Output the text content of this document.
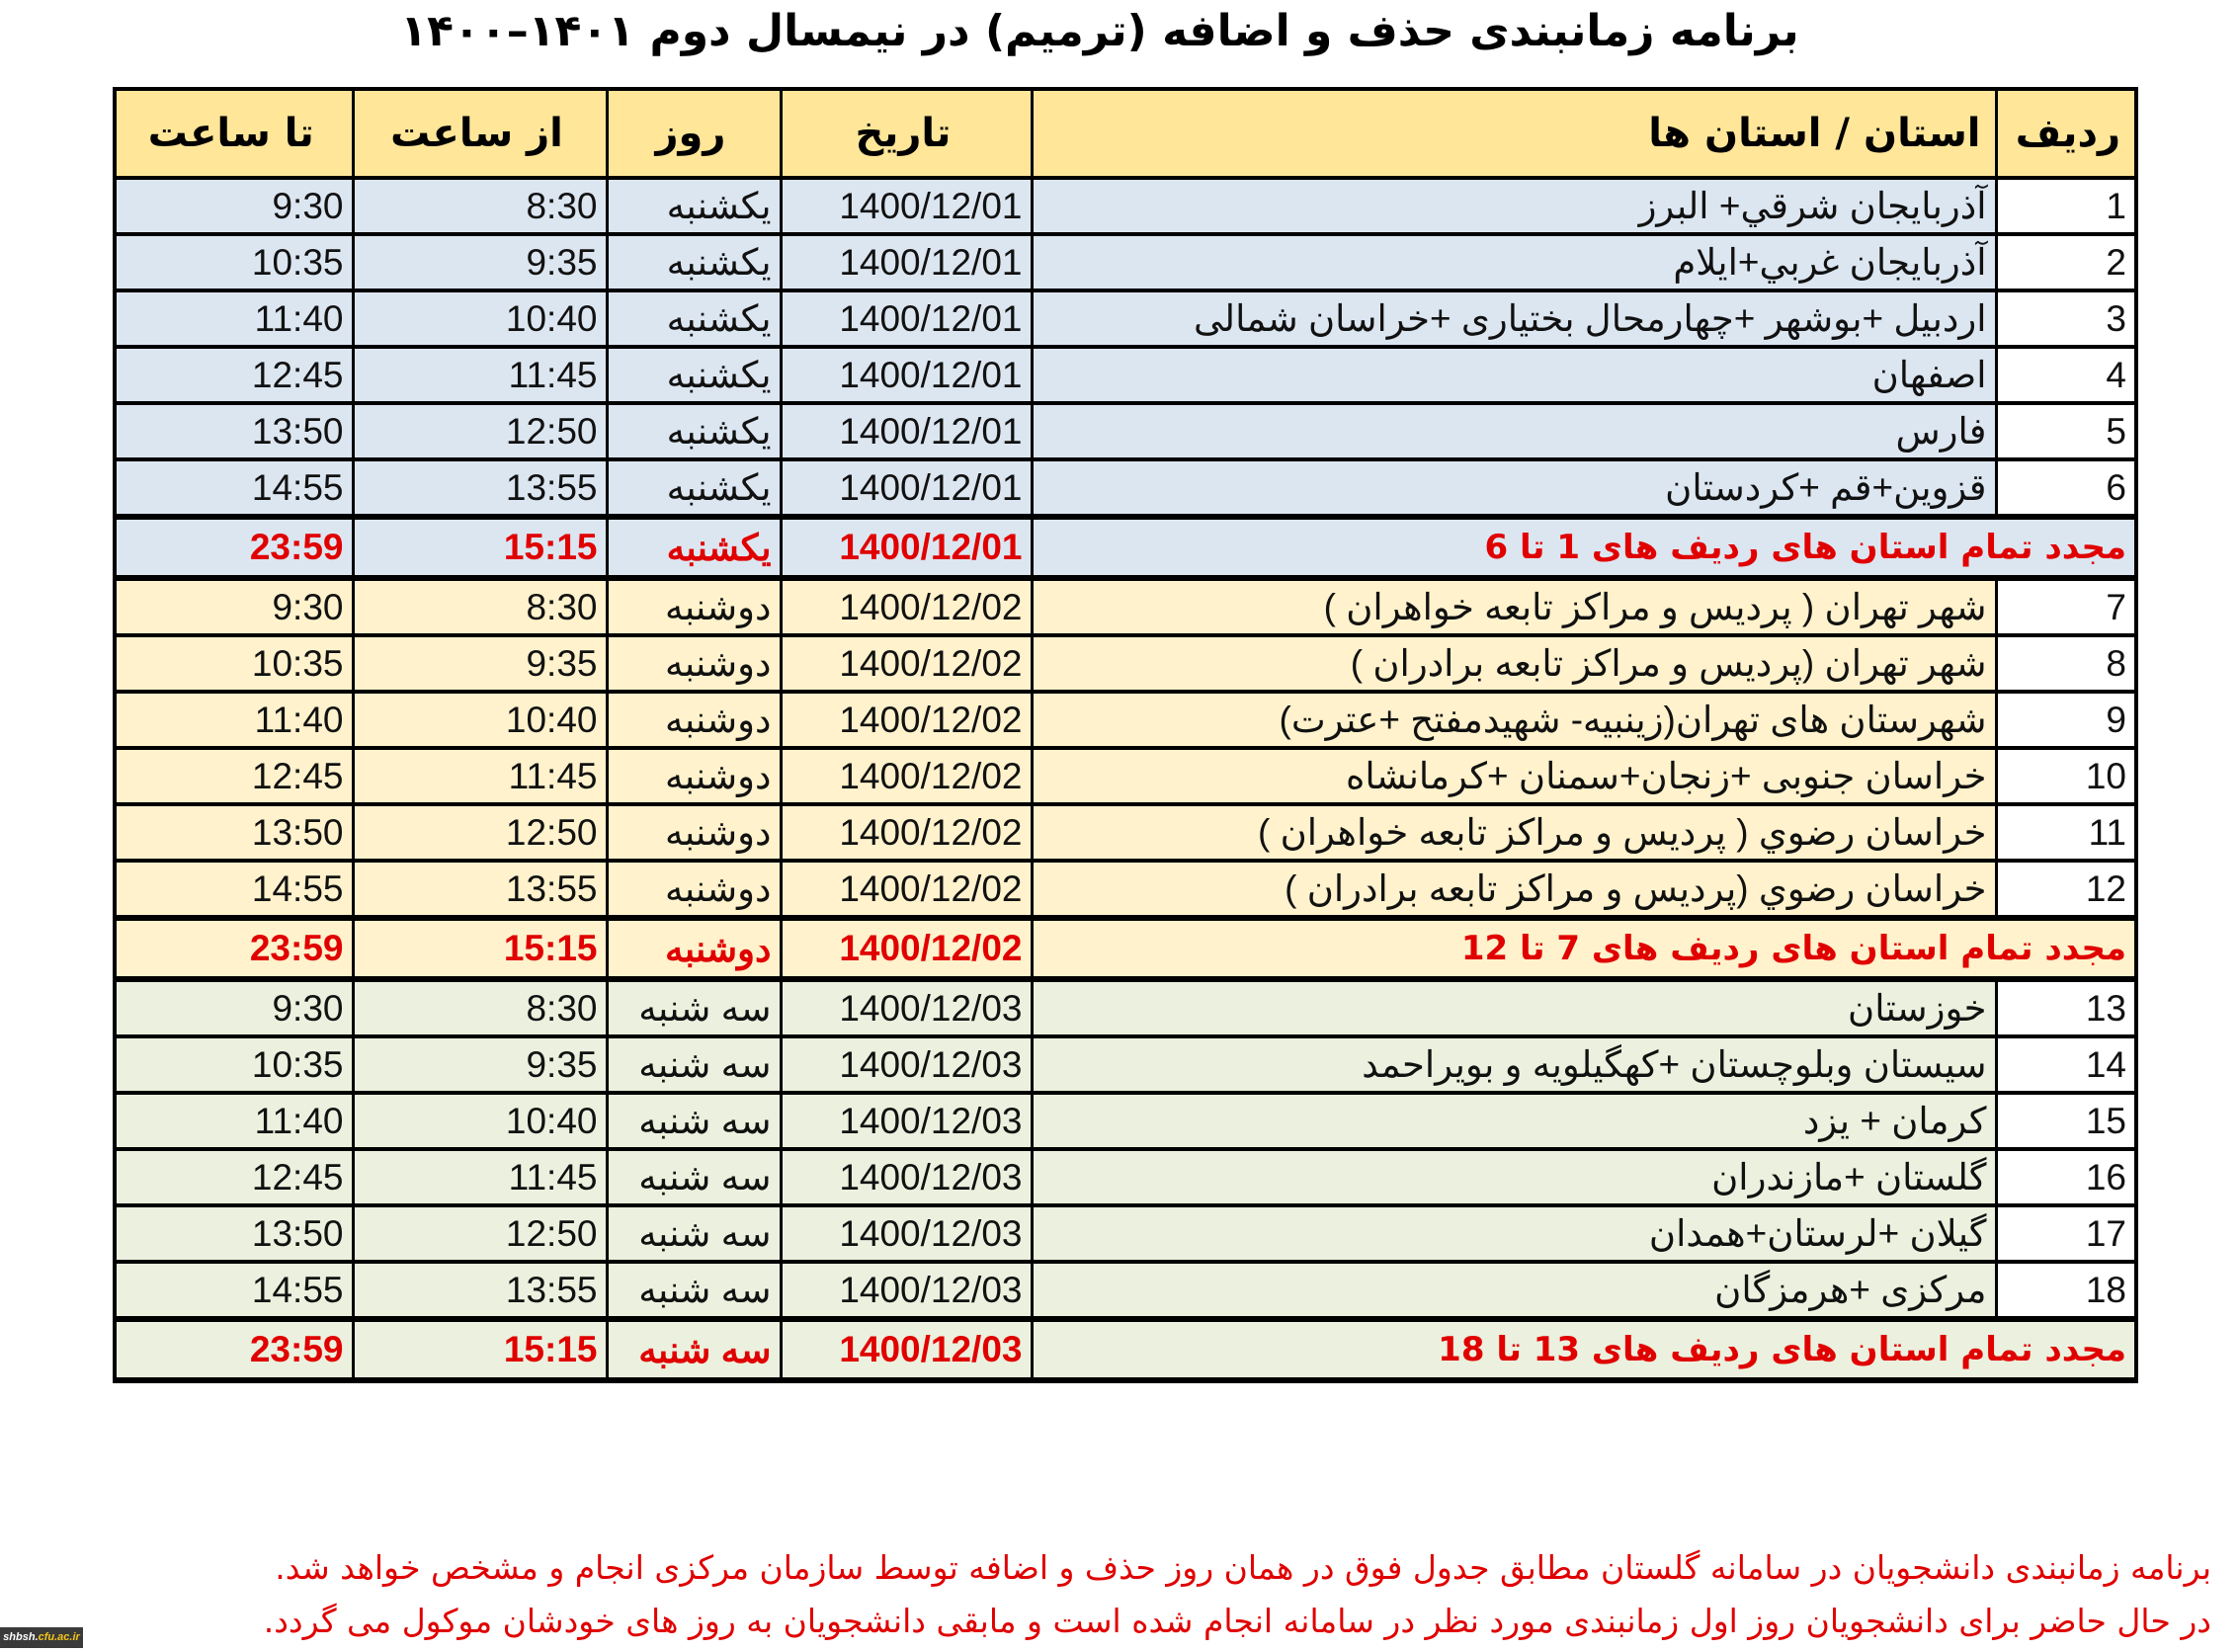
برنامه زمانبندی حذف و اضافه (ترمیم) در نیمسال دوم ۱۴۰۱–۱۴۰۰
ردیف	استان / استان ها	تاریخ	روز	از ساعت	تا ساعت
1	آذربايجان شرقي+ البرز	1400/12/01	یکشنبه	8:30	9:30
2	آذربايجان غربي+ایلام	1400/12/01	یکشنبه	9:35	10:35
3	اردبیل +بوشهر +چهارمحال بختیاری +خراسان شمالی	1400/12/01	یکشنبه	10:40	11:40
4	اصفهان	1400/12/01	یکشنبه	11:45	12:45
5	فارس	1400/12/01	یکشنبه	12:50	13:50
6	قزوین+قم +کردستان	1400/12/01	یکشنبه	13:55	14:55
مجدد تمام استان های ردیف های 1 تا 6		1400/12/01	یکشنبه	15:15	23:59
7	شهر تهران ( پردیس و مراکز تابعه خواهران )	1400/12/02	دوشنبه	8:30	9:30
8	شهر تهران (پردیس و مراکز تابعه برادران )	1400/12/02	دوشنبه	9:35	10:35
9	شهرستان های تهران(زینبیه- شهیدمفتح +عترت)	1400/12/02	دوشنبه	10:40	11:40
10	خراسان جنوبی +زنجان+سمنان +کرمانشاه	1400/12/02	دوشنبه	11:45	12:45
11	خراسان رضوي ( پردیس و مراکز تابعه خواهران )	1400/12/02	دوشنبه	12:50	13:50
12	خراسان رضوي (پردیس و مراکز تابعه برادران )	1400/12/02	دوشنبه	13:55	14:55
مجدد تمام استان های ردیف های 7 تا 12		1400/12/02	دوشنبه	15:15	23:59
13	خوزستان	1400/12/03	سه شنبه	8:30	9:30
14	سيستان وبلوچستان +کهگيلويه و بویراحمد	1400/12/03	سه شنبه	9:35	10:35
15	کرمان + یزد	1400/12/03	سه شنبه	10:40	11:40
16	گلستان +مازندران	1400/12/03	سه شنبه	11:45	12:45
17	گيلان +لرستان+همدان	1400/12/03	سه شنبه	12:50	13:50
18	مرکزی +هرمزگان	1400/12/03	سه شنبه	13:55	14:55
مجدد تمام استان های ردیف های 13 تا 18		1400/12/03	سه شنبه	15:15	23:59
برنامه زمانبندی دانشجویان در سامانه گلستان مطابق جدول فوق در همان روز حذف و اضافه توسط سازمان مرکزی انجام و مشخص خواهد شد.
در حال حاضر برای دانشجویان روز اول زمانبندی مورد نظر در سامانه انجام شده است و مابقی دانشجویان به روز های خودشان موکول می گردد.
shbsh.cfu.ac.ir
